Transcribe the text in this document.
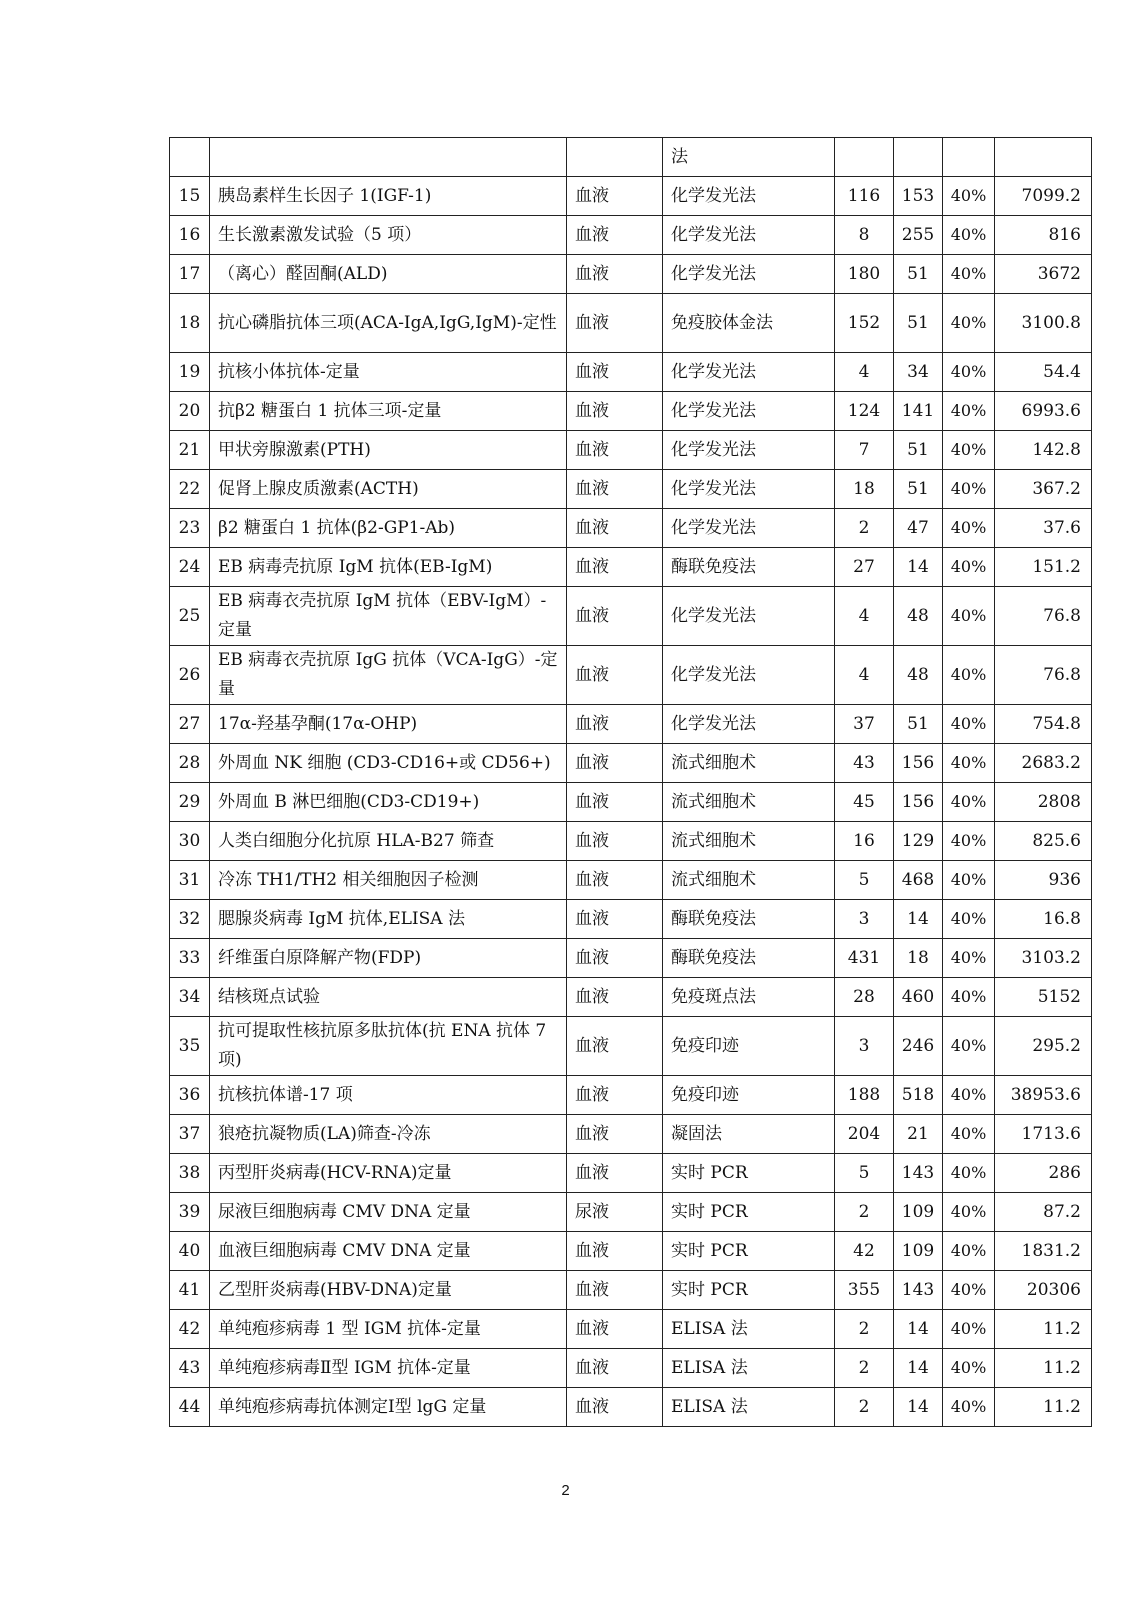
			法				
15	胰岛素样生长因子 1(IGF-1)	血液	化学发光法	116	153	40%	7099.2
16	生长激素激发试验（5 项）	血液	化学发光法	8	255	40%	816
17	（离心）醛固酮(ALD)	血液	化学发光法	180	51	40%	3672
18	抗心磷脂抗体三项(ACA-IgA,IgG,IgM)-定性	血液	免疫胶体金法	152	51	40%	3100.8
19	抗核小体抗体-定量	血液	化学发光法	4	34	40%	54.4
20	抗β2 糖蛋白 1 抗体三项-定量	血液	化学发光法	124	141	40%	6993.6
21	甲状旁腺激素(PTH)	血液	化学发光法	7	51	40%	142.8
22	促肾上腺皮质激素(ACTH)	血液	化学发光法	18	51	40%	367.2
23	β2 糖蛋白 1 抗体(β2-GP1-Ab)	血液	化学发光法	2	47	40%	37.6
24	EB 病毒壳抗原 IgM 抗体(EB-IgM)	血液	酶联免疫法	27	14	40%	151.2
25	EB 病毒衣壳抗原 IgM 抗体（EBV-IgM）-定量	血液	化学发光法	4	48	40%	76.8
26	EB 病毒衣壳抗原 IgG 抗体（VCA-IgG）-定量	血液	化学发光法	4	48	40%	76.8
27	17α-羟基孕酮(17α-OHP)	血液	化学发光法	37	51	40%	754.8
28	外周血 NK 细胞 (CD3-CD16+或 CD56+)	血液	流式细胞术	43	156	40%	2683.2
29	外周血 B 淋巴细胞(CD3-CD19+)	血液	流式细胞术	45	156	40%	2808
30	人类白细胞分化抗原 HLA-B27 筛查	血液	流式细胞术	16	129	40%	825.6
31	冷冻 TH1/TH2 相关细胞因子检测	血液	流式细胞术	5	468	40%	936
32	腮腺炎病毒 IgM 抗体,ELISA 法	血液	酶联免疫法	3	14	40%	16.8
33	纤维蛋白原降解产物(FDP)	血液	酶联免疫法	431	18	40%	3103.2
34	结核斑点试验	血液	免疫斑点法	28	460	40%	5152
35	抗可提取性核抗原多肽抗体(抗 ENA 抗体 7 项)	血液	免疫印迹	3	246	40%	295.2
36	抗核抗体谱-17 项	血液	免疫印迹	188	518	40%	38953.6
37	狼疮抗凝物质(LA)筛查-冷冻	血液	凝固法	204	21	40%	1713.6
38	丙型肝炎病毒(HCV-RNA)定量	血液	实时 PCR	5	143	40%	286
39	尿液巨细胞病毒 CMV DNA 定量	尿液	实时 PCR	2	109	40%	87.2
40	血液巨细胞病毒 CMV DNA 定量	血液	实时 PCR	42	109	40%	1831.2
41	乙型肝炎病毒(HBV-DNA)定量	血液	实时 PCR	355	143	40%	20306
42	单纯疱疹病毒 1 型 IGM 抗体-定量	血液	ELISA 法	2	14	40%	11.2
43	单纯疱疹病毒Ⅱ型 IGM 抗体-定量	血液	ELISA 法	2	14	40%	11.2
44	单纯疱疹病毒抗体测定Ⅰ型 lgG 定量	血液	ELISA 法	2	14	40%	11.2
2
